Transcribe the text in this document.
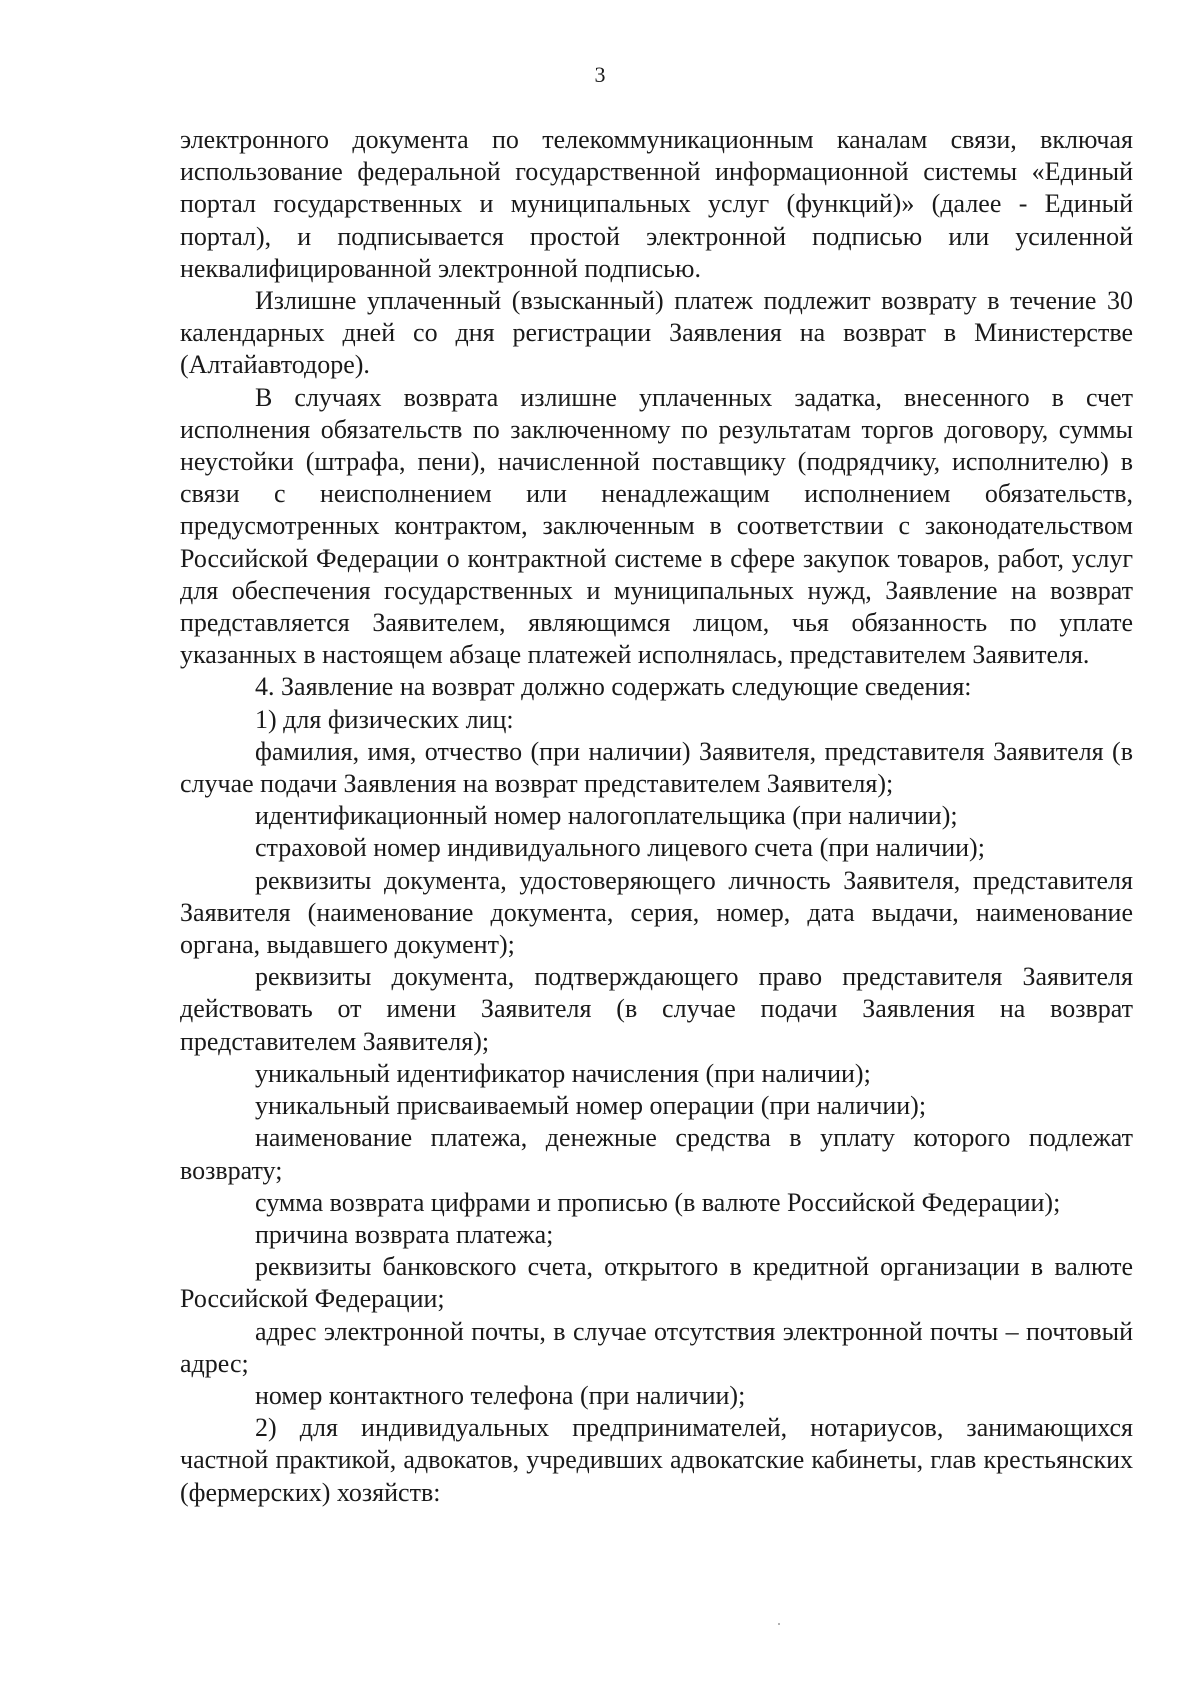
3

электронного документа по телекоммуникационным каналам связи, включая использование федеральной государственной информационной системы «Единый портал государственных и муниципальных услуг (функций)» (далее - Единый портал), и подписывается простой электронной подписью или усиленной неквалифицированной электронной подписью.

Излишне уплаченный (взысканный) платеж подлежит возврату в течение 30 календарных дней со дня регистрации Заявления на возврат в Министерстве (Алтайавтодоре).

В случаях возврата излишне уплаченных задатка, внесенного в счет исполнения обязательств по заключенному по результатам торгов договору, суммы неустойки (штрафа, пени), начисленной поставщику (подрядчику, исполнителю) в связи с неисполнением или ненадлежащим исполнением обязательств, предусмотренных контрактом, заключенным в соответствии с законодательством Российской Федерации о контрактной системе в сфере закупок товаров, работ, услуг для обеспечения государственных и муниципальных нужд, Заявление на возврат представляется Заявителем, являющимся лицом, чья обязанность по уплате указанных в настоящем абзаце платежей исполнялась, представителем Заявителя.

4. Заявление на возврат должно содержать следующие сведения:

1) для физических лиц:

фамилия, имя, отчество (при наличии) Заявителя, представителя Заявителя (в случае подачи Заявления на возврат представителем Заявителя);

идентификационный номер налогоплательщика (при наличии);

страховой номер индивидуального лицевого счета (при наличии);

реквизиты документа, удостоверяющего личность Заявителя, представителя Заявителя (наименование документа, серия, номер, дата выдачи, наименование органа, выдавшего документ);

реквизиты документа, подтверждающего право представителя Заявителя действовать от имени Заявителя (в случае подачи Заявления на возврат представителем Заявителя);

уникальный идентификатор начисления (при наличии);

уникальный присваиваемый номер операции (при наличии);

наименование платежа, денежные средства в уплату которого подлежат возврату;

сумма возврата цифрами и прописью (в валюте Российской Федерации);

причина возврата платежа;

реквизиты банковского счета, открытого в кредитной организации в валюте Российской Федерации;

адрес электронной почты, в случае отсутствия электронной почты – почтовый адрес;

номер контактного телефона (при наличии);

2) для индивидуальных предпринимателей, нотариусов, занимающихся частной практикой, адвокатов, учредивших адвокатские кабинеты, глав крестьянских (фермерских) хозяйств:
